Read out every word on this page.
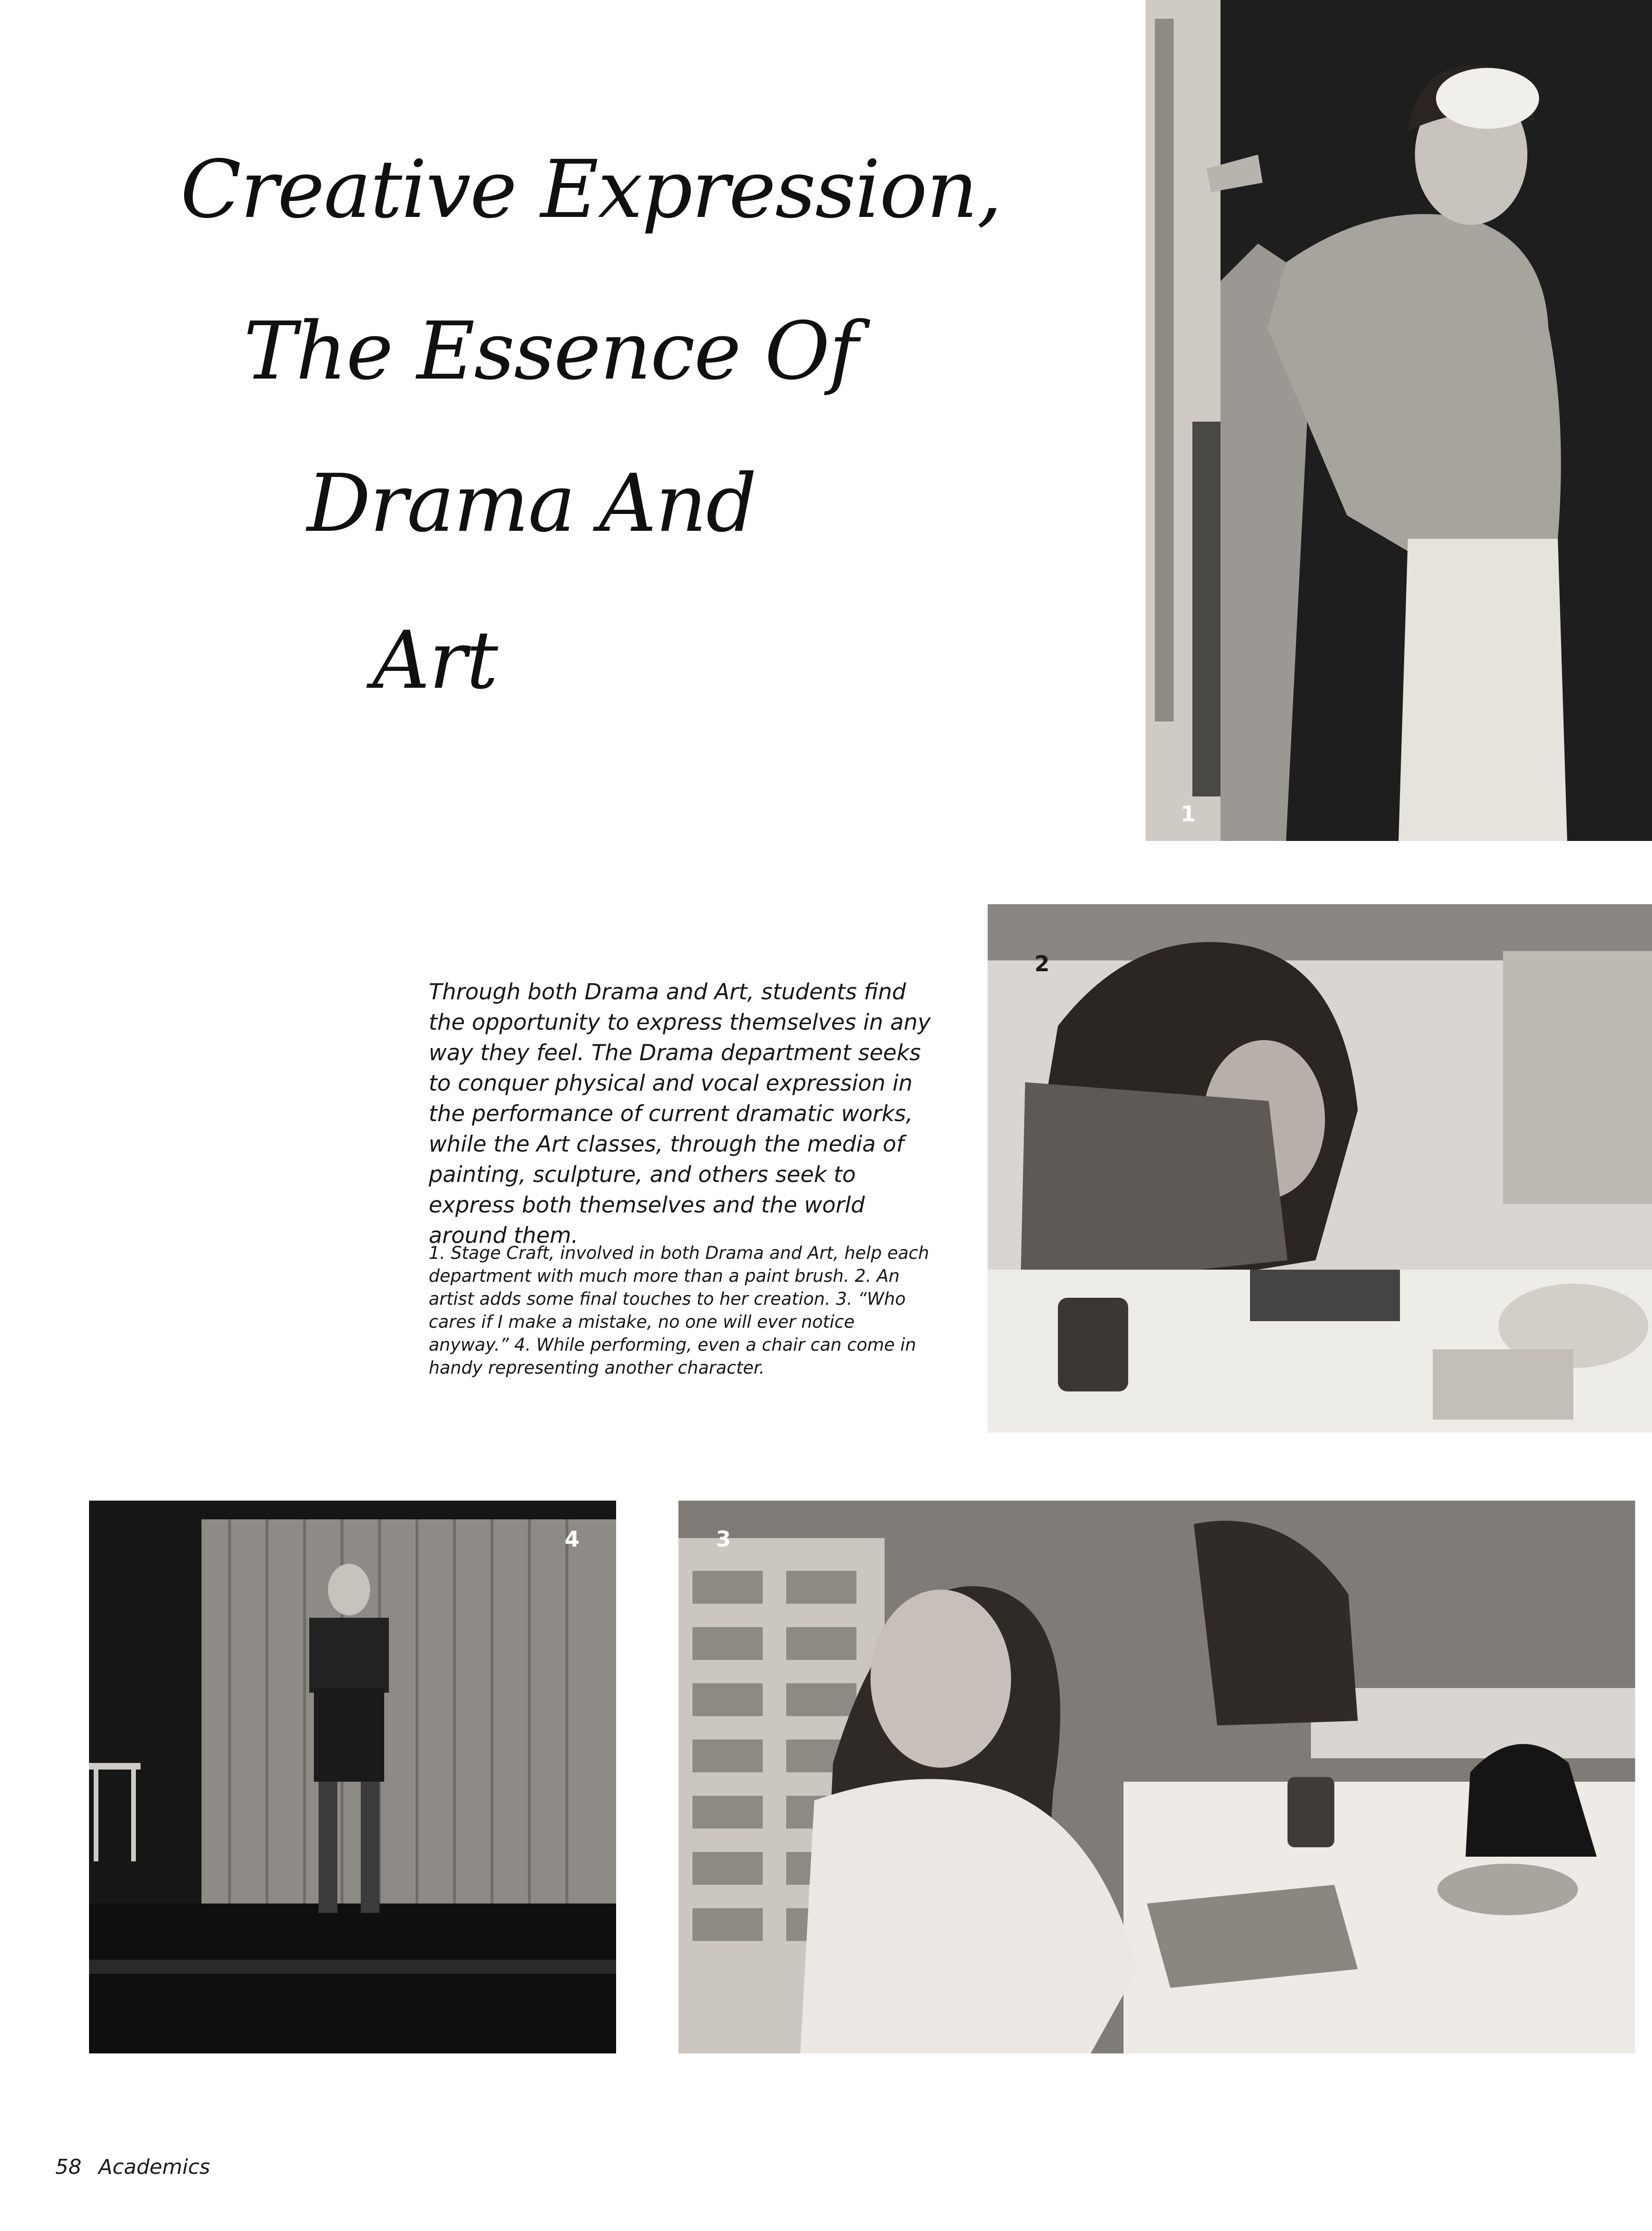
Creative Expression,
The Essence Of
Drama And
Art
1
2
4	3
Through both Drama and Art, students find the opportunity to express themselves in any way they feel. The Drama department seeks to conquer physical and vocal expression in the performance of current dramatic works, while the Art classes, through the media of painting, sculpture, and others seek to express both themselves and the world around them.
1. Stage Craft, involved in both Drama and Art, help each department with much more than a paint brush. 2. An artist adds some final touches to her creation. 3. “Who cares if I make a mistake, no one will ever notice anyway.” 4. While performing, even a chair can come in handy representing another character.
58 Academics
